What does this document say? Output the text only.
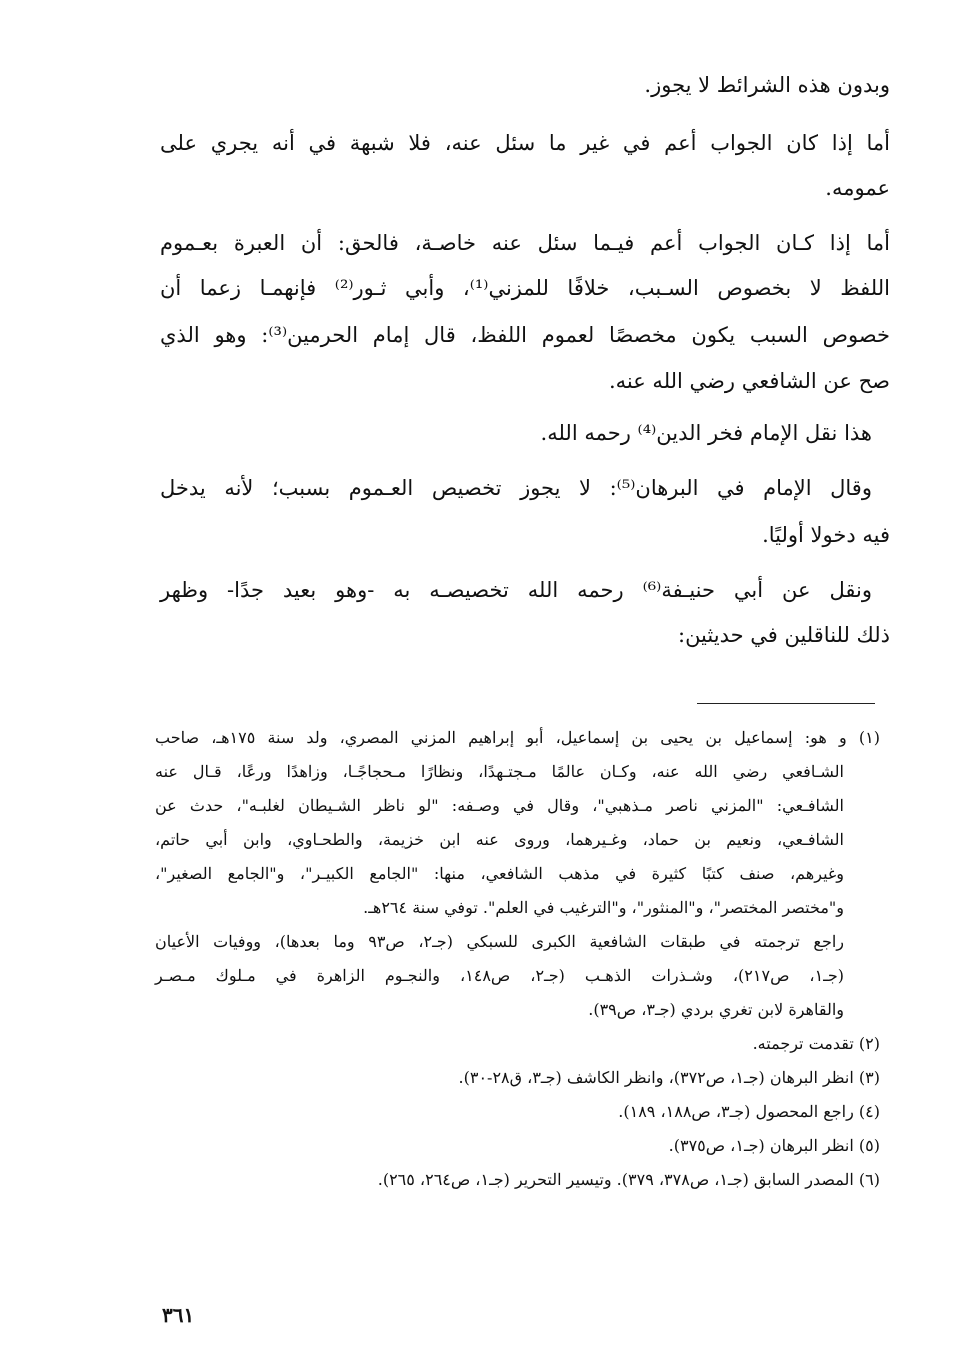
وبدون هذه الشرائط لا يجوز.
أما إذا كان الجواب أعم في غير ما سئل عنه، فلا شبهة في أنه يجري على
عمومه.
أما إذا كـان الجواب أعم فيـما سئل عنه خاصـة، فالحق: أن العبرة بعـموم
اللفظ لا بخصوص السـبب، خلافًا للمزني⁽¹⁾، وأبي ثـور⁽²⁾ فإنهمـا زعما أن
خصوص السبب يكون مخصصًا لعموم اللفظ، قال إمام الحرمين⁽³⁾: وهو الذي
صح عن الشافعي رضي الله عنه.
هذا نقل الإمام فخر الدين⁽⁴⁾ رحمه الله.
وقال الإمام في البرهان⁽⁵⁾: لا يجوز تخصيص العـموم بسبب؛ لأنه يدخل
فيه دخولا أوليًا.
ونقل عن أبي حنيـفة⁽⁶⁾ رحمه الله تخصيصـه به -وهو بعيد جدًا- وظهر
ذلك للناقلين في حديثين:
(١) و هو: إسماعيل بن يحيى بن إسماعيل، أبو إبراهيم المزني المصري، ولد سنة ١٧٥هـ، صاحب
الشـافعي رضي الله عنه، وكـان عالمًا مـجتـهدًا، ونظارًا مـحجاجًـا، وزاهدًا ورعًا، قـال عنه
الشافـعي: "المزني ناصر مـذهبي"، وقال في وصـفه: "لو ناظر الشـيطان لغلبـه"، حدث عن
الشافـعي، ونعيم بن حماد، وغـيرهما، وروى عنه ابن خزيمة، والطحـاوي، وابن أبي حاتم،
وغيرهم، صنف كتبًا كثيرة في مذهب الشافعي، منها: "الجامع الكبيـر"، و"الجامع الصغير"،
و"مختصر المختصر"، و"المنثور"، و"الترغيب في العلم". توفي سنة ٢٦٤هـ.
راجع ترجمته في طبقات الشافعية الكبرى للسبكي (جـ٢، ص٩٣ وما بعدها)، ووفيات الأعيان
(جـ١، ص٢١٧)، وشـذرات الذهـب (جـ٢، ص١٤٨، والنجـوم الزاهرة في مـلوك مـصـر
والقاهرة لابن تغري بردي (جـ٣، ص٣٩).
(٢) تقدمت ترجمته.
(٣) انظر البرهان (جـ١، ص٣٧٢)، وانظر الكاشف (جـ٣، ق٢٨-٣٠).
(٤) راجع المحصول (جـ٣، ص١٨٨، ١٨٩).
(٥) انظر البرهان (جـ١، ص٣٧٥).
(٦) المصدر السابق (جـ١، ص٣٧٨، ٣٧٩). وتيسير التحرير (جـ١، ص٢٦٤، ٢٦٥).
٣٦١
